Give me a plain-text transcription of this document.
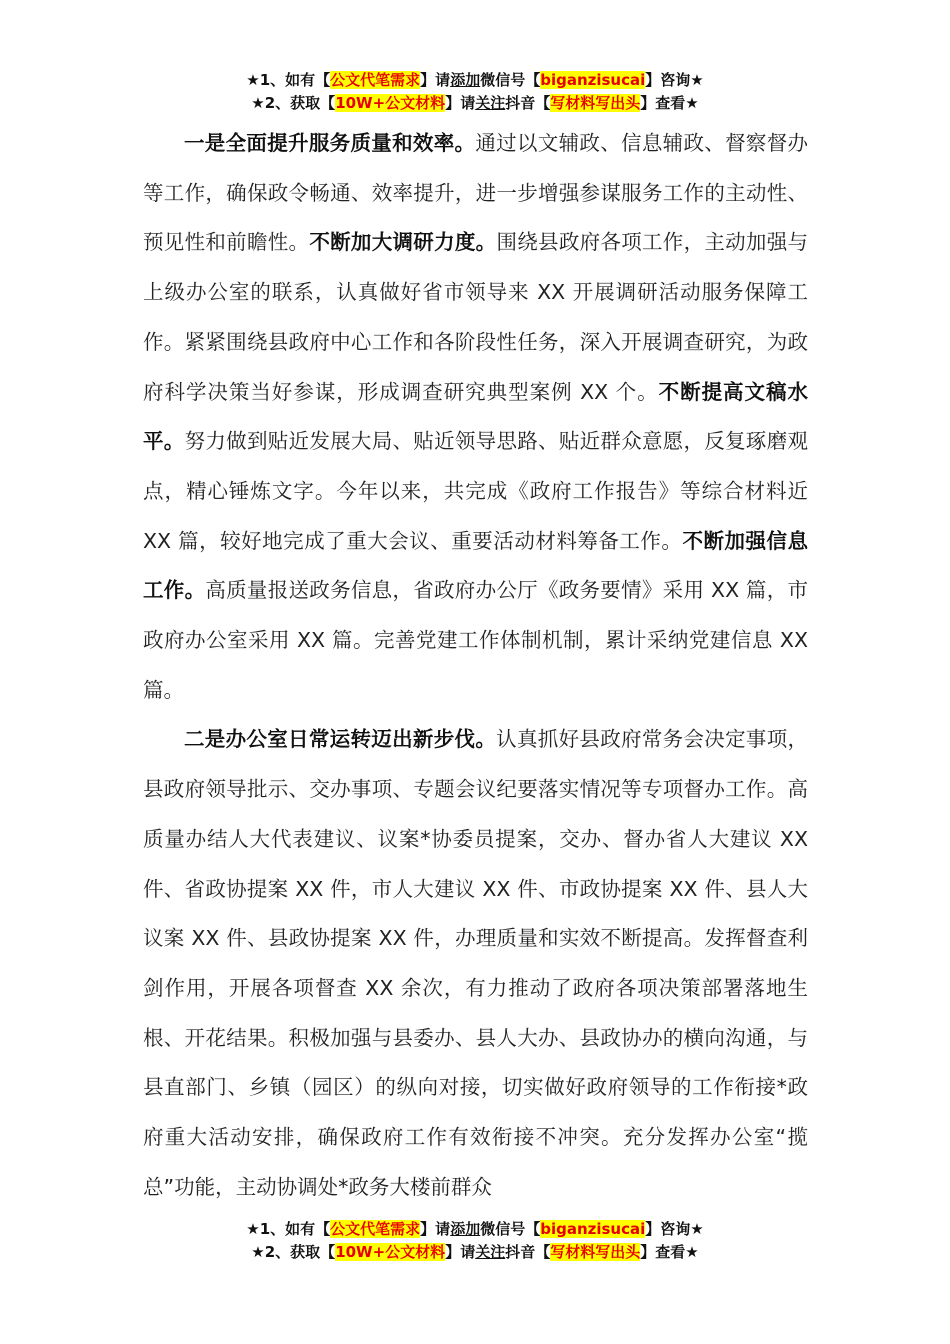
★1、如有【公文代笔需求】请添加微信号【biganzisucai】咨询★
★2、获取【10W+公文材料】请关注抖音【写材料写出头】查看★

一是全面提升服务质量和效率。通过以文辅政、信息辅政、督察督办等工作，确保政令畅通、效率提升，进一步增强参谋服务工作的主动性、预见性和前瞻性。不断加大调研力度。围绕县政府各项工作，主动加强与上级办公室的联系，认真做好省市领导来 XX 开展调研活动服务保障工作。紧紧围绕县政府中心工作和各阶段性任务，深入开展调查研究，为政府科学决策当好参谋，形成调查研究典型案例 XX 个。不断提高文稿水平。努力做到贴近发展大局、贴近领导思路、贴近群众意愿，反复琢磨观点，精心锤炼文字。今年以来，共完成《政府工作报告》等综合材料近 XX 篇，较好地完成了重大会议、重要活动材料筹备工作。不断加强信息工作。高质量报送政务信息，省政府办公厅《政务要情》采用 XX 篇，市政府办公室采用 XX 篇。完善党建工作体制机制，累计采纳党建信息 XX 篇。

二是办公室日常运转迈出新步伐。认真抓好县政府常务会决定事项，县政府领导批示、交办事项、专题会议纪要落实情况等专项督办工作。高质量办结人大代表建议、议案*协委员提案，交办、督办省人大建议 XX 件、省政协提案 XX 件，市人大建议 XX 件、市政协提案 XX 件、县人大议案 XX 件、县政协提案 XX 件，办理质量和实效不断提高。发挥督查利剑作用，开展各项督查 XX 余次，有力推动了政府各项决策部署落地生根、开花结果。积极加强与县委办、县人大办、县政协办的横向沟通，与县直部门、乡镇（园区）的纵向对接，切实做好政府领导的工作衔接*政府重大活动安排，确保政府工作有效衔接不冲突。充分发挥办公室“揽总”功能，主动协调处*政务大楼前群众

★1、如有【公文代笔需求】请添加微信号【biganzisucai】咨询★
★2、获取【10W+公文材料】请关注抖音【写材料写出头】查看★
